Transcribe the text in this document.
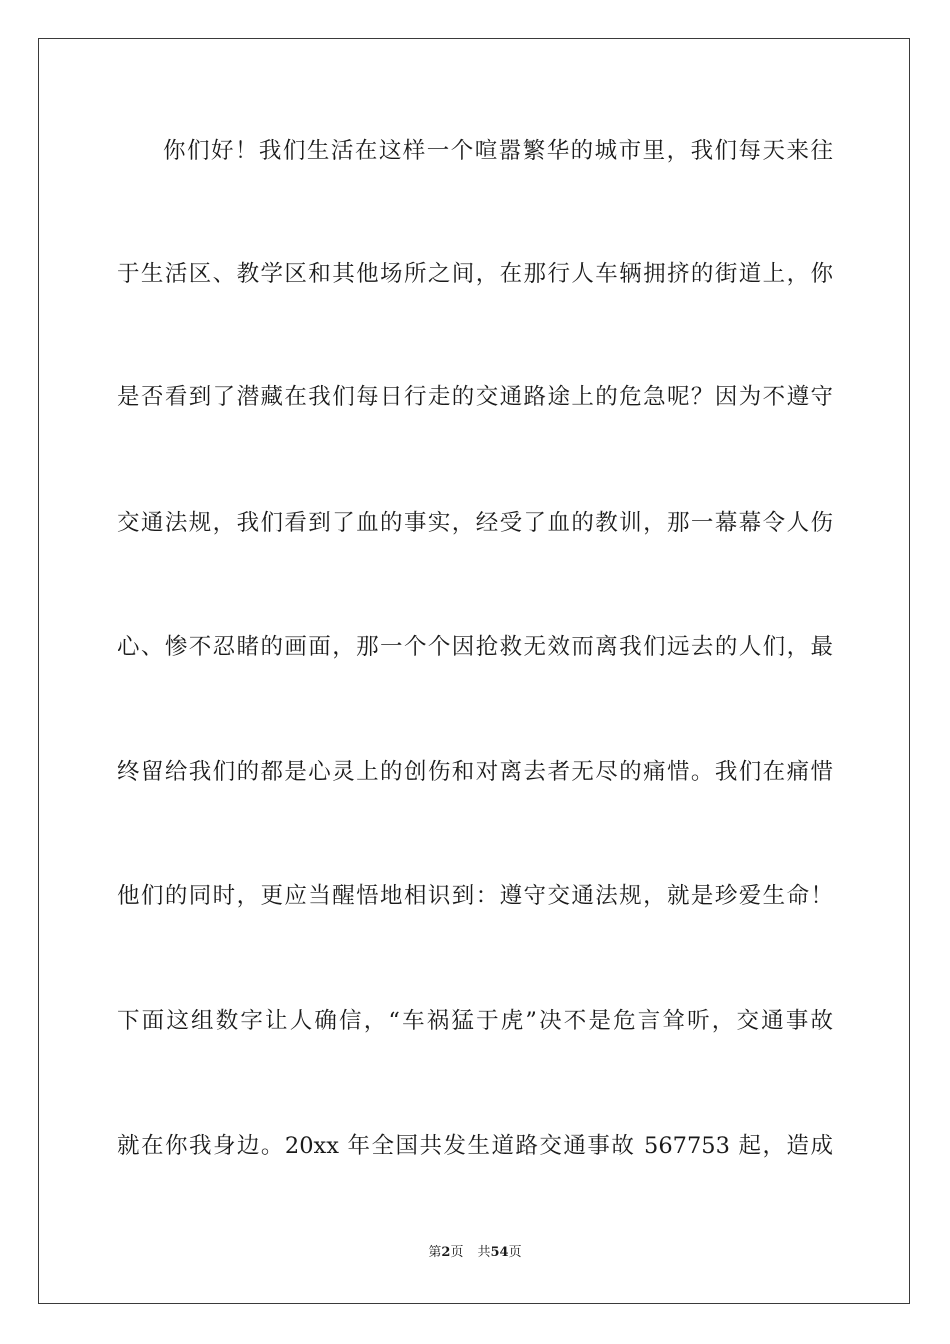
你们好！我们生活在这样一个喧嚣繁华的城市里，我们每天来往
于生活区、教学区和其他场所之间，在那行人车辆拥挤的街道上，你
是否看到了潜藏在我们每日行走的交通路途上的危急呢？因为不遵守
交通法规，我们看到了血的事实，经受了血的教训，那一幕幕令人伤
心、惨不忍睹的画面，那一个个因抢救无效而离我们远去的人们，最
终留给我们的都是心灵上的创伤和对离去者无尽的痛惜。我们在痛惜
他们的同时，更应当醒悟地相识到：遵守交通法规，就是珍爱生命！
下面这组数字让人确信，“车祸猛于虎”决不是危言耸听，交通事故
就在你我身边。20xx 年全国共发生道路交通事故 567753 起，造成
第2页 共54页
